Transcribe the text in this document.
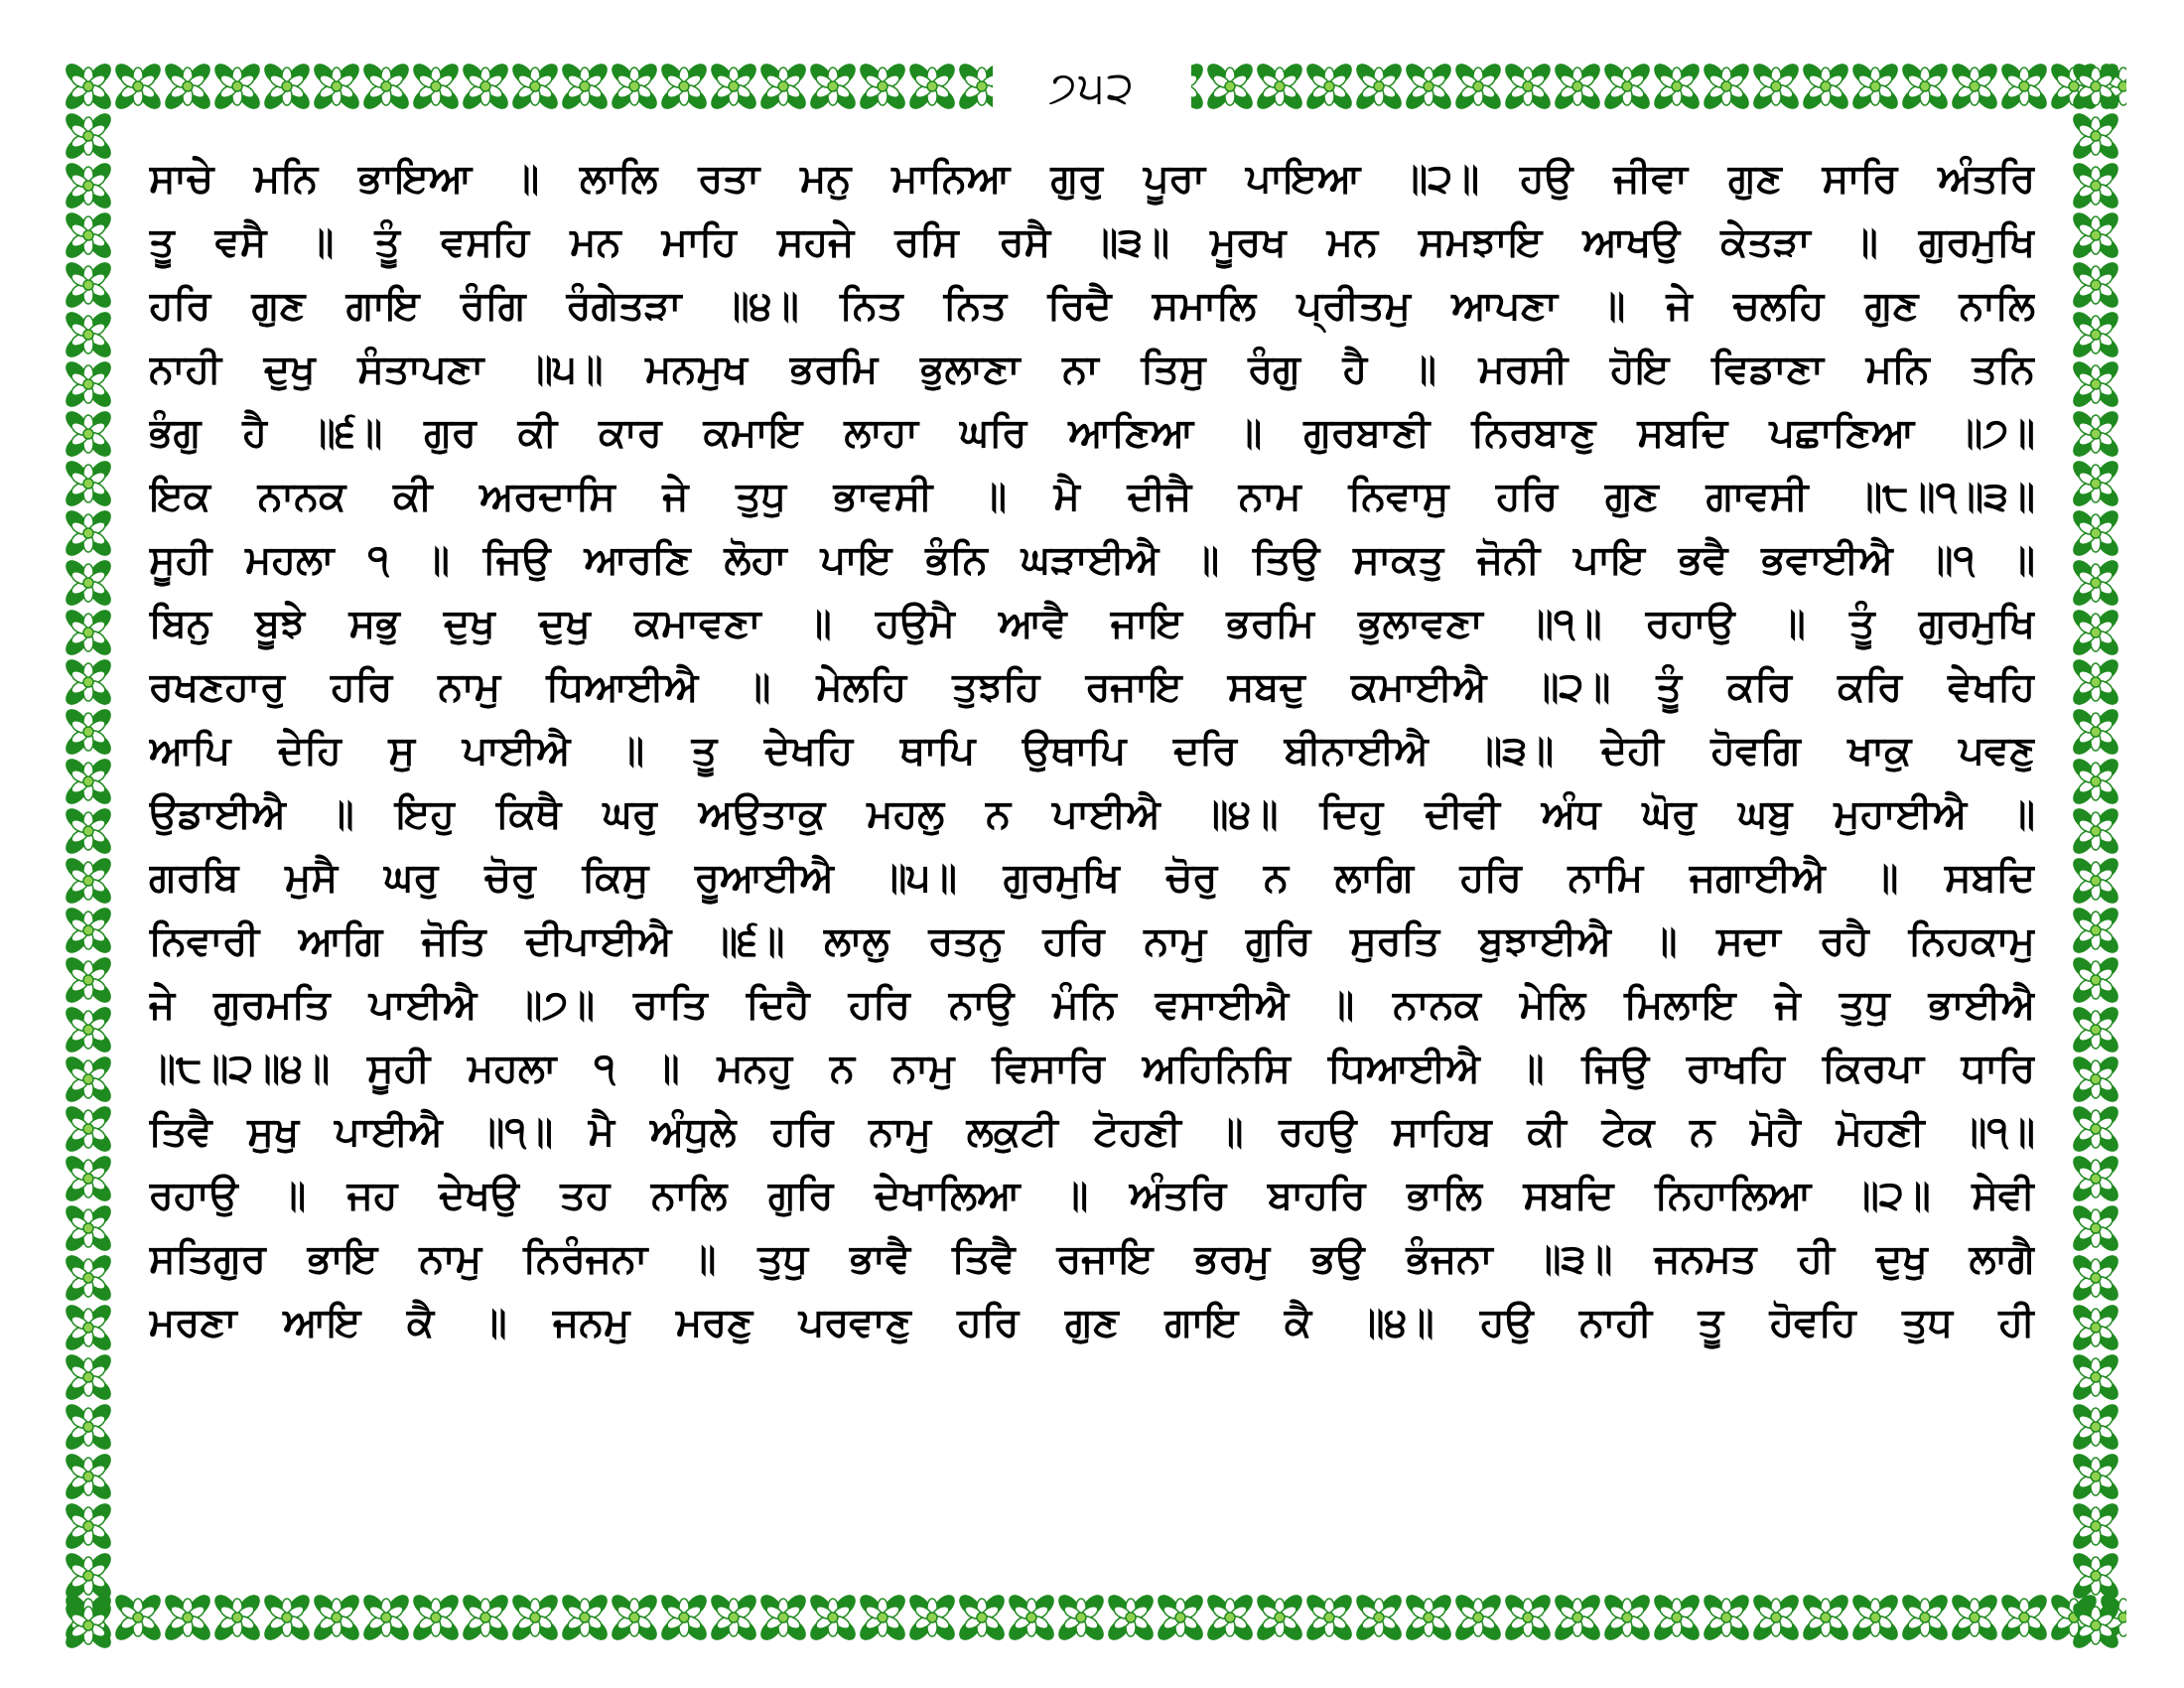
੭੫੨
ਸਾਚੇ ਮਨਿ ਭਾਇਆ ॥ ਲਾਲਿ ਰਤਾ ਮਨੁ ਮਾਨਿਆ ਗੁਰੁ ਪੂਰਾ ਪਾਇਆ ॥੨॥ ਹਉ ਜੀਵਾ ਗੁਣ ਸਾਰਿ ਅੰਤਰਿ
ਤੂ ਵਸੈ ॥ ਤੂੰ ਵਸਹਿ ਮਨ ਮਾਹਿ ਸਹਜੇ ਰਸਿ ਰਸੈ ॥੩॥ ਮੂਰਖ ਮਨ ਸਮਝਾਇ ਆਖਉ ਕੇਤੜਾ ॥ ਗੁਰਮੁਖਿ
ਹਰਿ ਗੁਣ ਗਾਇ ਰੰਗਿ ਰੰਗੇਤੜਾ ॥੪॥ ਨਿਤ ਨਿਤ ਰਿਦੈ ਸਮਾਲਿ ਪ੍ਰੀਤਮੁ ਆਪਣਾ ॥ ਜੇ ਚਲਹਿ ਗੁਣ ਨਾਲਿ
ਨਾਹੀ ਦੁਖੁ ਸੰਤਾਪਣਾ ॥੫॥ ਮਨਮੁਖ ਭਰਮਿ ਭੁਲਾਣਾ ਨਾ ਤਿਸੁ ਰੰਗੁ ਹੈ ॥ ਮਰਸੀ ਹੋਇ ਵਿਡਾਣਾ ਮਨਿ ਤਨਿ
ਭੰਗੁ ਹੈ ॥੬॥ ਗੁਰ ਕੀ ਕਾਰ ਕਮਾਇ ਲਾਹਾ ਘਰਿ ਆਣਿਆ ॥ ਗੁਰਬਾਣੀ ਨਿਰਬਾਣੁ ਸਬਦਿ ਪਛਾਣਿਆ ॥੭॥
ਇਕ ਨਾਨਕ ਕੀ ਅਰਦਾਸਿ ਜੇ ਤੁਧੁ ਭਾਵਸੀ ॥ ਮੈ ਦੀਜੈ ਨਾਮ ਨਿਵਾਸੁ ਹਰਿ ਗੁਣ ਗਾਵਸੀ ॥੮॥੧॥੩॥
ਸੂਹੀ ਮਹਲਾ ੧ ॥ ਜਿਉ ਆਰਣਿ ਲੋਹਾ ਪਾਇ ਭੰਨਿ ਘੜਾਈਐ ॥ ਤਿਉ ਸਾਕਤੁ ਜੋਨੀ ਪਾਇ ਭਵੈ ਭਵਾਈਐ ॥੧ ॥
ਬਿਨੁ ਬੂਝੇ ਸਭੁ ਦੁਖੁ ਦੁਖੁ ਕਮਾਵਣਾ ॥ ਹਉਮੈ ਆਵੈ ਜਾਇ ਭਰਮਿ ਭੁਲਾਵਣਾ ॥੧॥ ਰਹਾਉ ॥ ਤੂੰ ਗੁਰਮੁਖਿ
ਰਖਣਹਾਰੁ ਹਰਿ ਨਾਮੁ ਧਿਆਈਐ ॥ ਮੇਲਹਿ ਤੁਝਹਿ ਰਜਾਇ ਸਬਦੁ ਕਮਾਈਐ ॥੨॥ ਤੂੰ ਕਰਿ ਕਰਿ ਵੇਖਹਿ
ਆਪਿ ਦੇਹਿ ਸੁ ਪਾਈਐ ॥ ਤੂ ਦੇਖਹਿ ਥਾਪਿ ਉਥਾਪਿ ਦਰਿ ਬੀਨਾਈਐ ॥੩॥ ਦੇਹੀ ਹੋਵਗਿ ਖਾਕੁ ਪਵਣੁ
ਉਡਾਈਐ ॥ ਇਹੁ ਕਿਥੈ ਘਰੁ ਅਉਤਾਕੁ ਮਹਲੁ ਨ ਪਾਈਐ ॥੪॥ ਦਿਹੁ ਦੀਵੀ ਅੰਧ ਘੋਰੁ ਘਬੁ ਮੁਹਾਈਐ ॥
ਗਰਬਿ ਮੁਸੈ ਘਰੁ ਚੋਰੁ ਕਿਸੁ ਰੂਆਈਐ ॥੫॥ ਗੁਰਮੁਖਿ ਚੋਰੁ ਨ ਲਾਗਿ ਹਰਿ ਨਾਮਿ ਜਗਾਈਐ ॥ ਸਬਦਿ
ਨਿਵਾਰੀ ਆਗਿ ਜੋਤਿ ਦੀਪਾਈਐ ॥੬॥ ਲਾਲੁ ਰਤਨੁ ਹਰਿ ਨਾਮੁ ਗੁਰਿ ਸੁਰਤਿ ਬੁਝਾਈਐ ॥ ਸਦਾ ਰਹੈ ਨਿਹਕਾਮੁ
ਜੇ ਗੁਰਮਤਿ ਪਾਈਐ ॥੭॥ ਰਾਤਿ ਦਿਹੈ ਹਰਿ ਨਾਉ ਮੰਨਿ ਵਸਾਈਐ ॥ ਨਾਨਕ ਮੇਲਿ ਮਿਲਾਇ ਜੇ ਤੁਧੁ ਭਾਈਐ
॥੮॥੨॥੪॥ ਸੂਹੀ ਮਹਲਾ ੧ ॥ ਮਨਹੁ ਨ ਨਾਮੁ ਵਿਸਾਰਿ ਅਹਿਨਿਸਿ ਧਿਆਈਐ ॥ ਜਿਉ ਰਾਖਹਿ ਕਿਰਪਾ ਧਾਰਿ
ਤਿਵੈ ਸੁਖੁ ਪਾਈਐ ॥੧॥ ਮੈ ਅੰਧੁਲੇ ਹਰਿ ਨਾਮੁ ਲਕੁਟੀ ਟੋਹਣੀ ॥ ਰਹਉ ਸਾਹਿਬ ਕੀ ਟੇਕ ਨ ਮੋਹੈ ਮੋਹਣੀ ॥੧॥
ਰਹਾਉ ॥ ਜਹ ਦੇਖਉ ਤਹ ਨਾਲਿ ਗੁਰਿ ਦੇਖਾਲਿਆ ॥ ਅੰਤਰਿ ਬਾਹਰਿ ਭਾਲਿ ਸਬਦਿ ਨਿਹਾਲਿਆ ॥੨॥ ਸੇਵੀ
ਸਤਿਗੁਰ ਭਾਇ ਨਾਮੁ ਨਿਰੰਜਨਾ ॥ ਤੁਧੁ ਭਾਵੈ ਤਿਵੈ ਰਜਾਇ ਭਰਮੁ ਭਉ ਭੰਜਨਾ ॥੩॥ ਜਨਮਤ ਹੀ ਦੁਖੁ ਲਾਗੈ
ਮਰਣਾ ਆਇ ਕੈ ॥ ਜਨਮੁ ਮਰਣੁ ਪਰਵਾਣੁ ਹਰਿ ਗੁਣ ਗਾਇ ਕੈ ॥੪॥ ਹਉ ਨਾਹੀ ਤੂ ਹੋਵਹਿ ਤੁਧ ਹੀ
